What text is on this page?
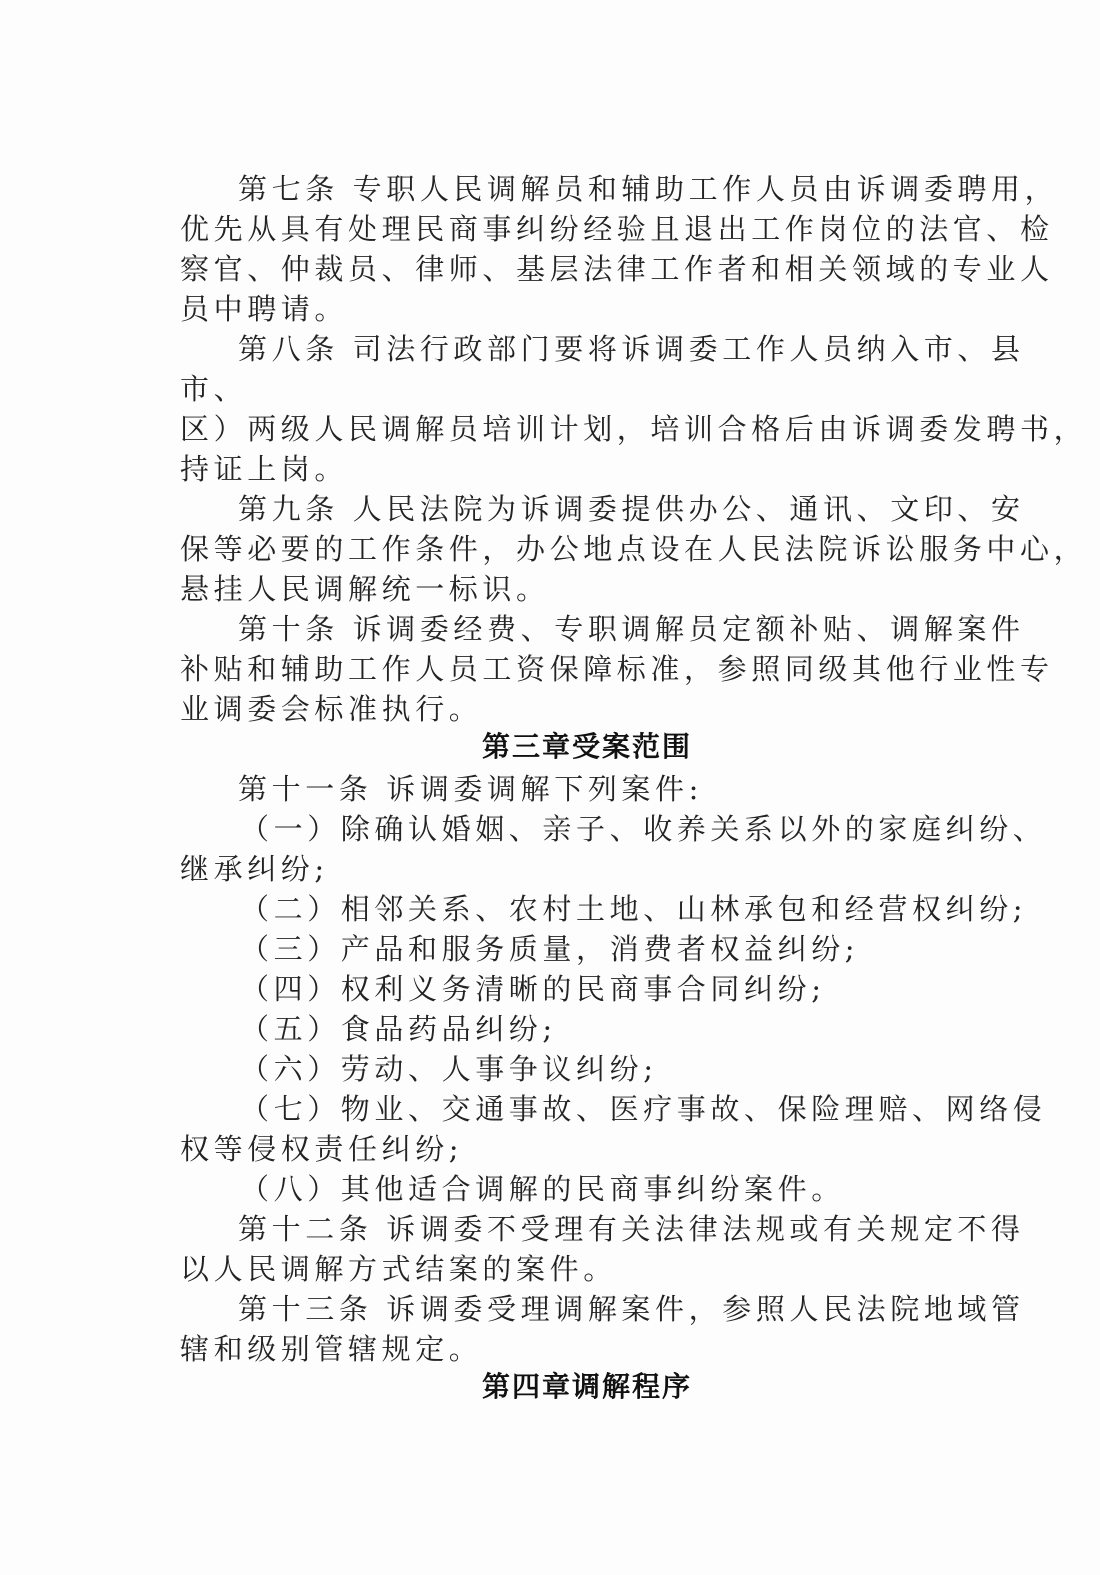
第七条 专职人民调解员和辅助工作人员由诉调委聘用，
优先从具有处理民商事纠纷经验且退出工作岗位的法官、检
察官、仲裁员、律师、基层法律工作者和相关领域的专业人
员中聘请。
第八条 司法行政部门要将诉调委工作人员纳入市、县
市、
区）两级人民调解员培训计划，培训合格后由诉调委发聘书，
持证上岗。
第九条 人民法院为诉调委提供办公、通讯、文印、安
保等必要的工作条件，办公地点设在人民法院诉讼服务中心，
悬挂人民调解统一标识。
第十条 诉调委经费、专职调解员定额补贴、调解案件
补贴和辅助工作人员工资保障标准，参照同级其他行业性专
业调委会标准执行。
第三章受案范围
第十一条 诉调委调解下列案件:
（一）除确认婚姻、亲子、收养关系以外的家庭纠纷、
继承纠纷;
（二）相邻关系、农村土地、山林承包和经营权纠纷;
（三）产品和服务质量，消费者权益纠纷;
（四）权利义务清晰的民商事合同纠纷;
（五）食品药品纠纷;
（六）劳动、人事争议纠纷;
（七）物业、交通事故、医疗事故、保险理赔、网络侵
权等侵权责任纠纷;
（八）其他适合调解的民商事纠纷案件。
第十二条 诉调委不受理有关法律法规或有关规定不得
以人民调解方式结案的案件。
第十三条 诉调委受理调解案件，参照人民法院地域管
辖和级别管辖规定。
第四章调解程序
